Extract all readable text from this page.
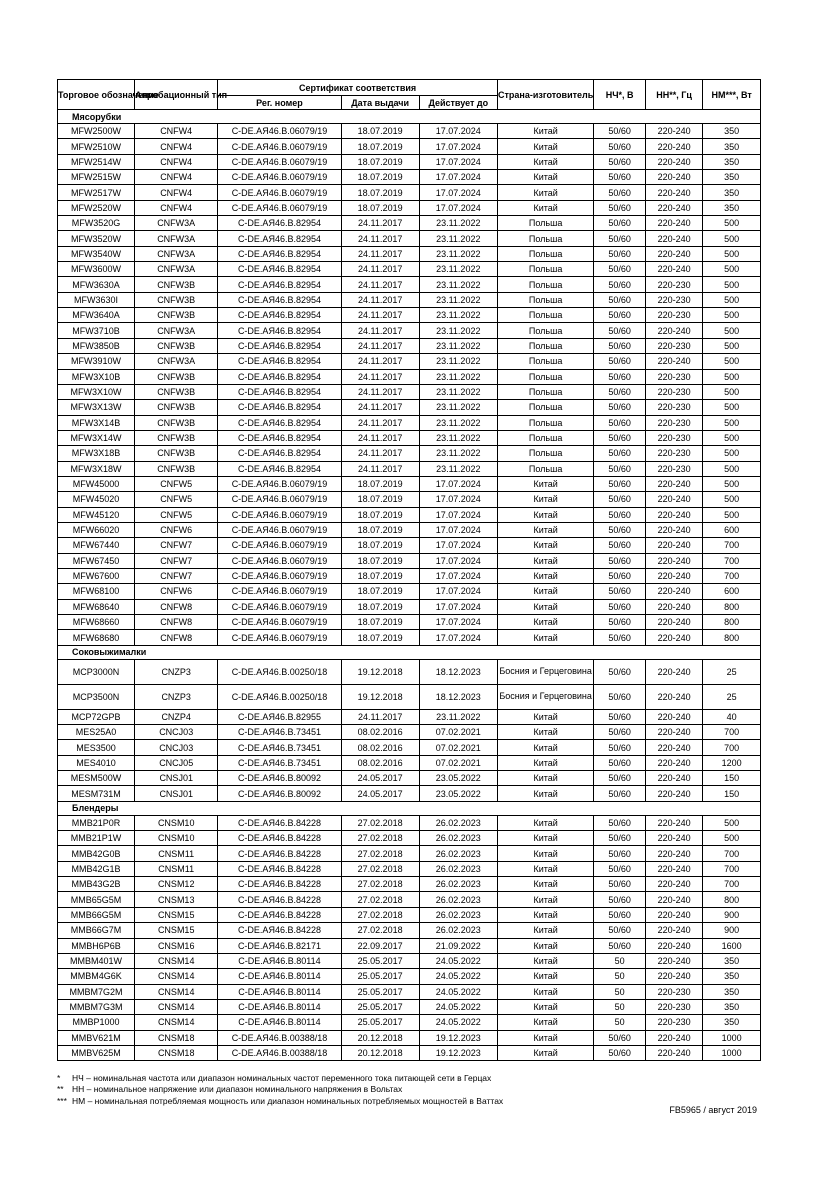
Торговое обозначение	Апробационный тип	Сертификат соответствия			Страна-изготовитель	НЧ*, В	НН**, Гц	НМ***, Вт
		Рег. номер	Дата выдачи	Действует до				
Мясорубки								
MFW2500W	CNFW4	C-DE.АЯ46.В.06079/19	18.07.2019	17.07.2024	Китай	50/60	220-240	350
MFW2510W	CNFW4	C-DE.АЯ46.В.06079/19	18.07.2019	17.07.2024	Китай	50/60	220-240	350
MFW2514W	CNFW4	C-DE.АЯ46.В.06079/19	18.07.2019	17.07.2024	Китай	50/60	220-240	350
MFW2515W	CNFW4	C-DE.АЯ46.В.06079/19	18.07.2019	17.07.2024	Китай	50/60	220-240	350
MFW2517W	CNFW4	C-DE.АЯ46.В.06079/19	18.07.2019	17.07.2024	Китай	50/60	220-240	350
MFW2520W	CNFW4	C-DE.АЯ46.В.06079/19	18.07.2019	17.07.2024	Китай	50/60	220-240	350
MFW3520G	CNFW3A	C-DE.АЯ46.В.82954	24.11.2017	23.11.2022	Польша	50/60	220-240	500
MFW3520W	CNFW3A	C-DE.АЯ46.В.82954	24.11.2017	23.11.2022	Польша	50/60	220-240	500
MFW3540W	CNFW3A	C-DE.АЯ46.В.82954	24.11.2017	23.11.2022	Польша	50/60	220-240	500
MFW3600W	CNFW3A	C-DE.АЯ46.В.82954	24.11.2017	23.11.2022	Польша	50/60	220-240	500
MFW3630A	CNFW3B	C-DE.АЯ46.В.82954	24.11.2017	23.11.2022	Польша	50/60	220-230	500
MFW3630I	CNFW3B	C-DE.АЯ46.В.82954	24.11.2017	23.11.2022	Польша	50/60	220-230	500
MFW3640A	CNFW3B	C-DE.АЯ46.В.82954	24.11.2017	23.11.2022	Польша	50/60	220-230	500
MFW3710B	CNFW3A	C-DE.АЯ46.В.82954	24.11.2017	23.11.2022	Польша	50/60	220-240	500
MFW3850B	CNFW3B	C-DE.АЯ46.В.82954	24.11.2017	23.11.2022	Польша	50/60	220-230	500
MFW3910W	CNFW3A	C-DE.АЯ46.В.82954	24.11.2017	23.11.2022	Польша	50/60	220-240	500
MFW3X10B	CNFW3B	C-DE.АЯ46.В.82954	24.11.2017	23.11.2022	Польша	50/60	220-230	500
MFW3X10W	CNFW3B	C-DE.АЯ46.В.82954	24.11.2017	23.11.2022	Польша	50/60	220-230	500
MFW3X13W	CNFW3B	C-DE.АЯ46.В.82954	24.11.2017	23.11.2022	Польша	50/60	220-230	500
MFW3X14B	CNFW3B	C-DE.АЯ46.В.82954	24.11.2017	23.11.2022	Польша	50/60	220-230	500
MFW3X14W	CNFW3B	C-DE.АЯ46.В.82954	24.11.2017	23.11.2022	Польша	50/60	220-230	500
MFW3X18B	CNFW3B	C-DE.АЯ46.В.82954	24.11.2017	23.11.2022	Польша	50/60	220-230	500
MFW3X18W	CNFW3B	C-DE.АЯ46.В.82954	24.11.2017	23.11.2022	Польша	50/60	220-230	500
MFW45000	CNFW5	C-DE.АЯ46.В.06079/19	18.07.2019	17.07.2024	Китай	50/60	220-240	500
MFW45020	CNFW5	C-DE.АЯ46.В.06079/19	18.07.2019	17.07.2024	Китай	50/60	220-240	500
MFW45120	CNFW5	C-DE.АЯ46.В.06079/19	18.07.2019	17.07.2024	Китай	50/60	220-240	500
MFW66020	CNFW6	C-DE.АЯ46.В.06079/19	18.07.2019	17.07.2024	Китай	50/60	220-240	600
MFW67440	CNFW7	C-DE.АЯ46.В.06079/19	18.07.2019	17.07.2024	Китай	50/60	220-240	700
MFW67450	CNFW7	C-DE.АЯ46.В.06079/19	18.07.2019	17.07.2024	Китай	50/60	220-240	700
MFW67600	CNFW7	C-DE.АЯ46.В.06079/19	18.07.2019	17.07.2024	Китай	50/60	220-240	700
MFW68100	CNFW6	C-DE.АЯ46.В.06079/19	18.07.2019	17.07.2024	Китай	50/60	220-240	600
MFW68640	CNFW8	C-DE.АЯ46.В.06079/19	18.07.2019	17.07.2024	Китай	50/60	220-240	800
MFW68660	CNFW8	C-DE.АЯ46.В.06079/19	18.07.2019	17.07.2024	Китай	50/60	220-240	800
MFW68680	CNFW8	C-DE.АЯ46.В.06079/19	18.07.2019	17.07.2024	Китай	50/60	220-240	800
Соковыжималки								
MCP3000N	CNZP3	C-DE.АЯ46.В.00250/18	19.12.2018	18.12.2023	Босния и Герцеговина	50/60	220-240	25
MCP3500N	CNZP3	C-DE.АЯ46.В.00250/18	19.12.2018	18.12.2023	Босния и Герцеговина	50/60	220-240	25
MCP72GPB	CNZP4	C-DE.АЯ46.В.82955	24.11.2017	23.11.2022	Китай	50/60	220-240	40
MES25A0	CNCJ03	C-DE.АЯ46.В.73451	08.02.2016	07.02.2021	Китай	50/60	220-240	700
MES3500	CNCJ03	C-DE.АЯ46.В.73451	08.02.2016	07.02.2021	Китай	50/60	220-240	700
MES4010	CNCJ05	C-DE.АЯ46.В.73451	08.02.2016	07.02.2021	Китай	50/60	220-240	1200
MESM500W	CNSJ01	C-DE.АЯ46.В.80092	24.05.2017	23.05.2022	Китай	50/60	220-240	150
MESM731M	CNSJ01	C-DE.АЯ46.В.80092	24.05.2017	23.05.2022	Китай	50/60	220-240	150
Блендеры								
MMB21P0R	CNSM10	C-DE.АЯ46.В.84228	27.02.2018	26.02.2023	Китай	50/60	220-240	500
MMB21P1W	CNSM10	C-DE.АЯ46.В.84228	27.02.2018	26.02.2023	Китай	50/60	220-240	500
MMB42G0B	CNSM11	C-DE.АЯ46.В.84228	27.02.2018	26.02.2023	Китай	50/60	220-240	700
MMB42G1B	CNSM11	C-DE.АЯ46.В.84228	27.02.2018	26.02.2023	Китай	50/60	220-240	700
MMB43G2B	CNSM12	C-DE.АЯ46.В.84228	27.02.2018	26.02.2023	Китай	50/60	220-240	700
MMB65G5M	CNSM13	C-DE.АЯ46.В.84228	27.02.2018	26.02.2023	Китай	50/60	220-240	800
MMB66G5M	CNSM15	C-DE.АЯ46.В.84228	27.02.2018	26.02.2023	Китай	50/60	220-240	900
MMB66G7M	CNSM15	C-DE.АЯ46.В.84228	27.02.2018	26.02.2023	Китай	50/60	220-240	900
MMBH6P6B	CNSM16	C-DE.АЯ46.В.82171	22.09.2017	21.09.2022	Китай	50/60	220-240	1600
MMBM401W	CNSM14	C-DE.АЯ46.В.80114	25.05.2017	24.05.2022	Китай	50	220-240	350
MMBM4G6K	CNSM14	C-DE.АЯ46.В.80114	25.05.2017	24.05.2022	Китай	50	220-240	350
MMBM7G2M	CNSM14	C-DE.АЯ46.В.80114	25.05.2017	24.05.2022	Китай	50	220-230	350
MMBM7G3M	CNSM14	C-DE.АЯ46.В.80114	25.05.2017	24.05.2022	Китай	50	220-230	350
MMBP1000	CNSM14	C-DE.АЯ46.В.80114	25.05.2017	24.05.2022	Китай	50	220-230	350
MMBV621M	CNSM18	C-DE.АЯ46.В.00388/18	20.12.2018	19.12.2023	Китай	50/60	220-240	1000
MMBV625M	CNSM18	C-DE.АЯ46.В.00388/18	20.12.2018	19.12.2023	Китай	50/60	220-240	1000
* НЧ – номинальная частота или диапазон номинальных частот переменного тока питающей сети в Герцах
** НН – номинальное напряжение или диапазон номинального напряжения в Вольтах
*** НМ – номинальная потребляемая мощность или диапазон номинальных потребляемых мощностей в Ваттах
FB5965 / август 2019
